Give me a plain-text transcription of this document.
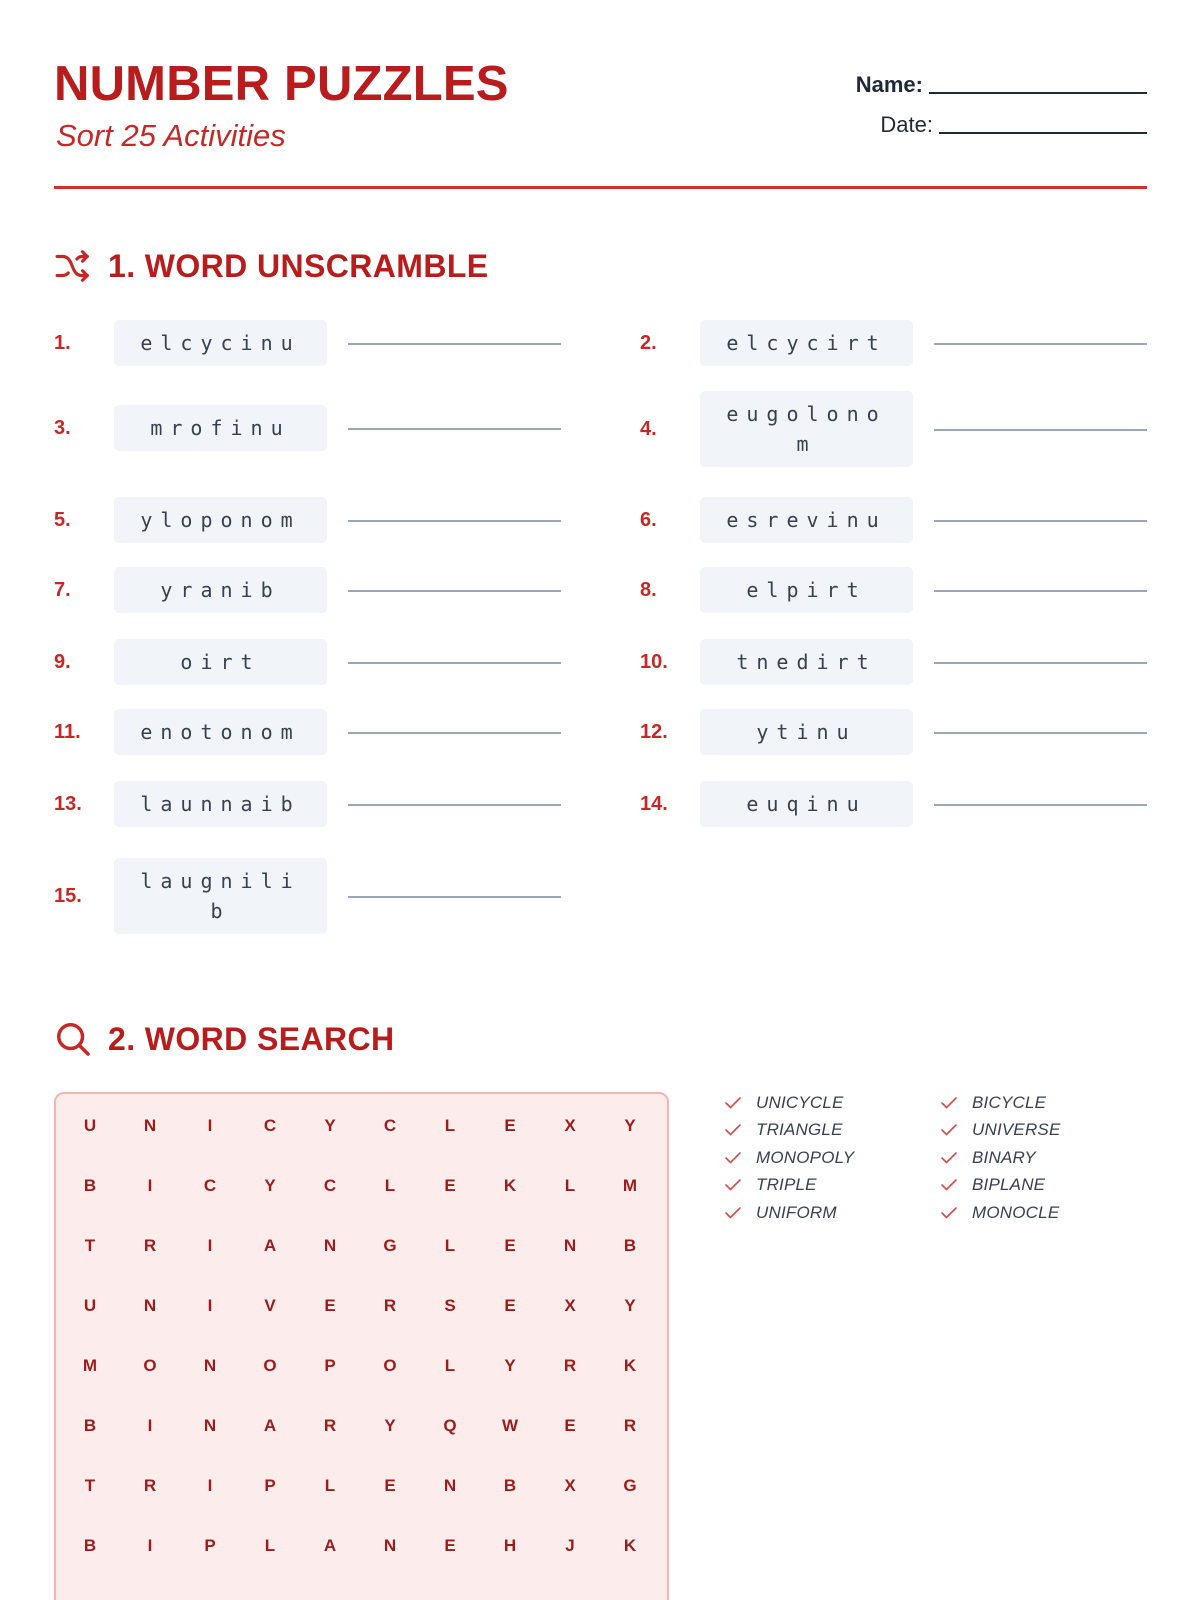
NUMBER PUZZLES
Sort 25 Activities
Name:
Date:
1. WORD UNSCRAMBLE
1.	elcycinu	2.	elcycirt
3.	mrofinu	4.
eugolono
m
5.	yloponom	6.	esrevinu
7.	yranib	8.	elpirt
9.	oirt	10.	tnedirt
11.	enotonom	12.	ytinu
13.	launnaib	14.	euqinu
15.
laugnili
b
2. WORD SEARCH
U	N	I	C	Y	C	L	E	X	Y
B	I	C	Y	C	L	E	K	L	M
T	R	I	A	N	G	L	E	N	B
U	N	I	V	E	R	S	E	X	Y
M	O	N	O	P	O	L	Y	R	K
B	I	N	A	R	Y	Q	W	E	R
T	R	I	P	L	E	N	B	X	G
B	I	P	L	A	N	E	H	J	K
UNICYCLE
TRIANGLE
MONOPOLY
TRIPLE
UNIFORM
BICYCLE
UNIVERSE
BINARY
BIPLANE
MONOCLE
